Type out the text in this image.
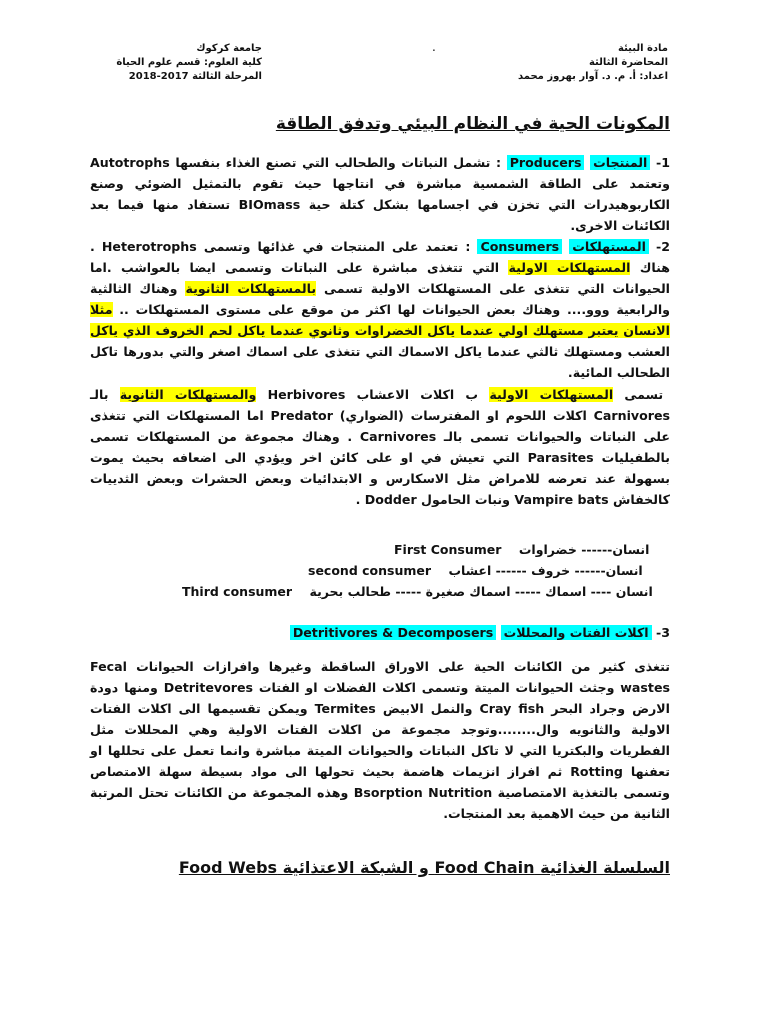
مادة البيئة
المحاضرة الثالثة
اعداد: أ. م. د. آوار بهروز محمد
.
جامعة كركوك
كلية العلوم: قسم علوم الحياة
المرحلة الثالثة 2017-2018
المكونات الحية في النظام البيئي وتدفق الطاقة

1- المنتجات Producers : تشمل النباتات والطحالب التي تصنع الغذاء بنفسها Autotrophs وتعتمد على الطاقة الشمسية مباشرة في انتاجها حيث تقوم بالتمثيل الضوئي وصنع الكاربوهيدرات التي تخزن في اجسامها بشكل كتلة حية BIOmass تستفاد منها فيما بعد الكائنات الاخرى.

2- المستهلكات Consumers : تعتمد على المنتجات في غذائها وتسمى Heterotrophs . هناك المستهلكات الاولية التي تتغذى مباشرة على النباتات وتسمى ايضا بالعواشب .اما الحيوانات التي تتغذى على المستهلكات الاولية تسمى بالمستهلكات الثانوية وهناك الثالثية والرابعية ووو.... وهناك بعض الحيوانات لها اكثر من موقع على مستوى المستهلكات .. مثلا الانسان يعتبر مستهلك اولي عندما ياكل الخضراوات وثانوي عندما ياكل لحم الخروف الذي ياكل العشب ومستهلك ثالثي عندما ياكل الاسماك التي تتغذى على اسماك اصغر والتي بدورها تاكل الطحالب المائية.

تسمى المستهلكات الاولية ب اكلات الاعشاب Herbivores والمستهلكات الثانوية بالـ Carnivores اكلات اللحوم او المفترسات (الضواري) Predator اما المستهلكات التي تتغذى على النباتات والحيوانات تسمى بالـ Carnivores . وهناك مجموعة من المستهلكات تسمى بالطفيليات Parasites التي تعيش في او على كائن اخر ويؤدي الى اضعافه بحيث يموت بسهولة عند تعرضه للامراض مثل الاسكارس و الابتدائيات وبعض الحشرات وبعض الثدييات كالخفاش Vampire bats ونبات الحامول Dodder .

First Consumer انسان------ خضراوات
second consumer انسان------ خروف ------ اعشاب
Third consumer انسان ---- اسماك ----- اسماك صغيرة ----- طحالب بحرية

3- اكلات الفتات والمحللات Detritivores & Decomposers

تتغذى كثير من الكائنات الحية على الاوراق الساقطة وغيرها وافرازات الحيوانات Fecal wastes وجثث الحيوانات الميتة وتسمى اكلات الفضلات او الفتات Detritevores ومنها دودة الارض وجراد البحر Cray fish والنمل الابيض Termites ويمكن تقسيمها الى اكلات الفتات الاولية والثانويه وال........وتوجد مجموعة من اكلات الفتات الاولية وهي المحللات مثل الفطريات والبكتريا التي لا تاكل النباتات والحيوانات الميتة مباشرة وانما تعمل على تحللها او تعفنها Rotting ثم افراز انزيمات هاضمة بحيث تحولها الى مواد بسيطة سهلة الامتصاص وتسمى بالتغذية الامتصاصية Bsorption Nutrition وهذه المجموعة من الكائنات تحتل المرتبة الثانية من حيث الاهمية بعد المنتجات.

السلسلة الغذائية Food Chain و الشبكة الاعتذائية Food Webs
